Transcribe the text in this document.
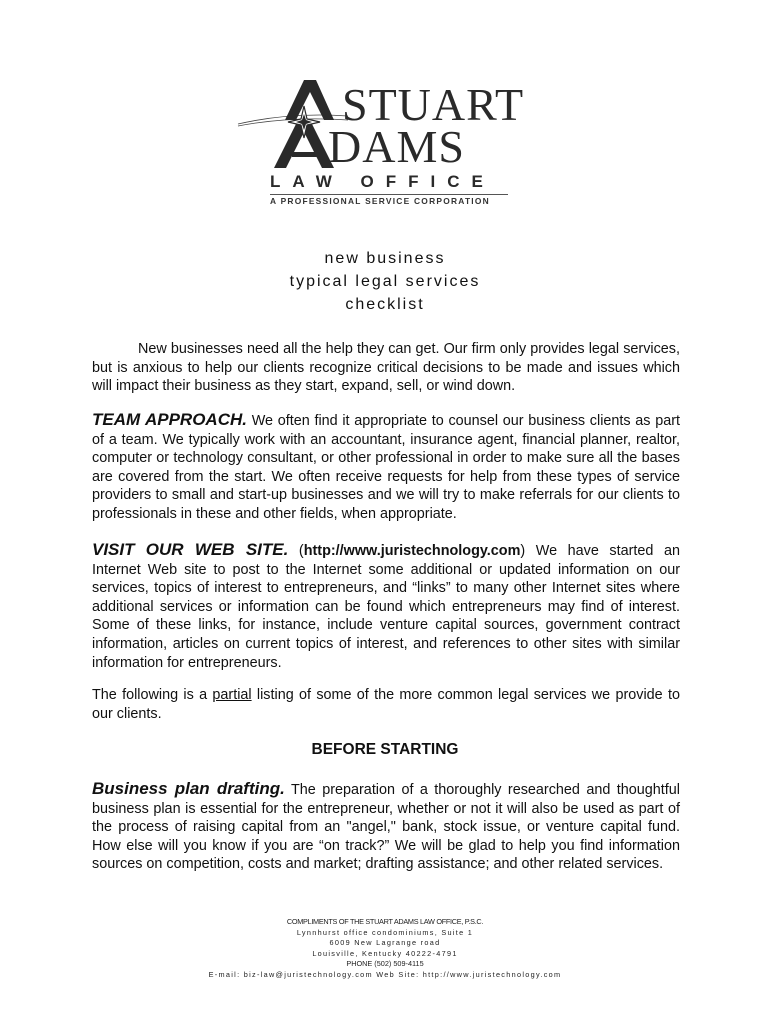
STUART
DAMS
LAW OFFICE
A PROFESSIONAL SERVICE CORPORATION
new business
typical legal services
checklist

New businesses need all the help they can get. Our firm only provides legal services, but is anxious to help our clients recognize critical decisions to be made and issues which will impact their business as they start, expand, sell, or wind down.

TEAM APPROACH. We often find it appropriate to counsel our business clients as part of a team. We typically work with an accountant, insurance agent, financial planner, realtor, computer or technology consultant, or other professional in order to make sure all the bases are covered from the start. We often receive requests for help from these types of service providers to small and start-up businesses and we will try to make referrals for our clients to professionals in these and other fields, when appropriate.

VISIT OUR WEB SITE. (http://www.juristechnology.com) We have started an Internet Web site to post to the Internet some additional or updated information on our services, topics of interest to entrepreneurs, and “links” to many other Internet sites where additional services or information can be found which entrepreneurs may find of interest. Some of these links, for instance, include venture capital sources, government contract information, articles on current topics of interest, and references to other sites with similar information for entrepreneurs.

The following is a partial listing of some of the more common legal services we provide to our clients.

BEFORE STARTING

Business plan drafting. The preparation of a thoroughly researched and thoughtful business plan is essential for the entrepreneur, whether or not it will also be used as part of the process of raising capital from an "angel," bank, stock issue, or venture capital fund. How else will you know if you are “on track?” We will be glad to help you find information sources on competition, costs and market; drafting assistance; and other related services.

COMPLIMENTS OF THE STUART ADAMS LAW OFFICE, P.S.C.
Lynnhurst office condominiums, Suite 1
6009 New Lagrange road
Louisville, Kentucky 40222-4791
PHONE (502) 509-4115
E-mail: biz-law@juristechnology.com Web Site: http://www.juristechnology.com
